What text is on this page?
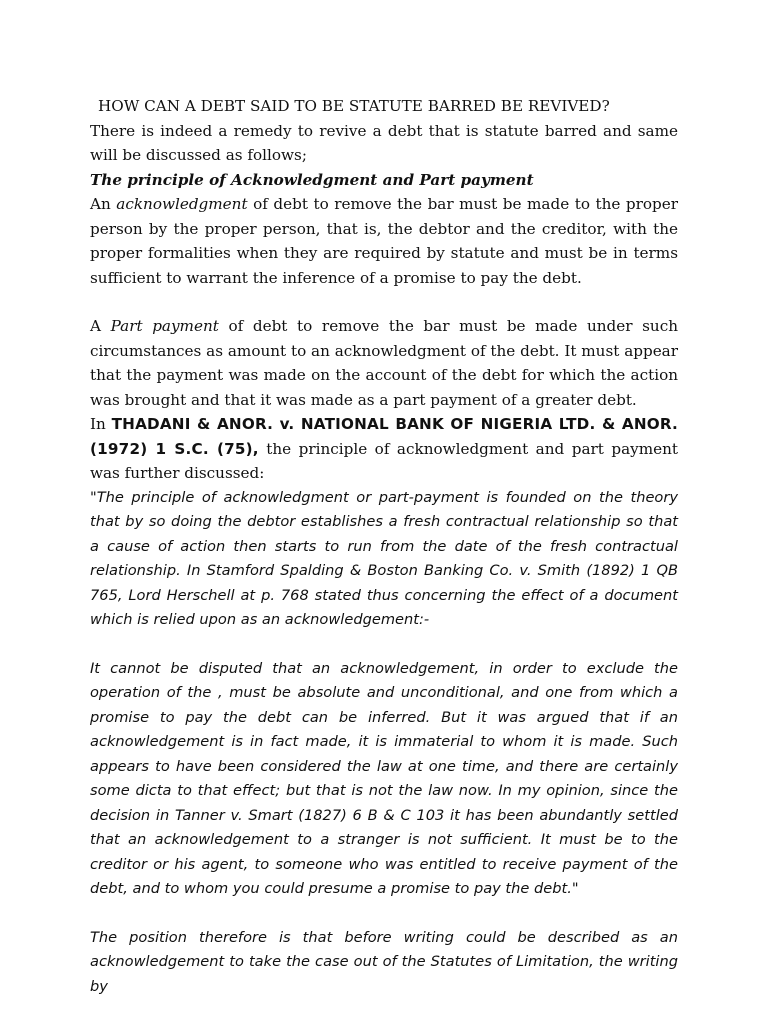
HOW CAN A DEBT SAID TO BE STATUTE BARRED BE REVIVED?

There is indeed a remedy to revive a debt that is statute barred and same will be discussed as follows;

The principle of Acknowledgment and Part payment

An acknowledgment of debt to remove the bar must be made to the proper person by the proper person, that is, the debtor and the creditor, with the proper formalities when they are required by statute and must be in terms sufficient to warrant the inference of a promise to pay the debt.

A Part payment of debt to remove the bar must be made under such circumstances as amount to an acknowledgment of the debt. It must appear that the payment was made on the account of the debt for which the action was brought and that it was made as a part payment of a greater debt.

In THADANI & ANOR. v. NATIONAL BANK OF NIGERIA LTD. & ANOR. (1972) 1 S.C. (75), the principle of acknowledgment and part payment was further discussed:

"The principle of acknowledgment or part-payment is founded on the theory that by so doing the debtor establishes a fresh contractual relationship so that a cause of action then starts to run from the date of the fresh contractual relationship. In Stamford Spalding & Boston Banking Co. v. Smith (1892) 1 QB 765, Lord Herschell at p. 768 stated thus concerning the effect of a document which is relied upon as an acknowledgement:-

It cannot be disputed that an acknowledgement, in order to exclude the operation of the , must be absolute and unconditional, and one from which a promise to pay the debt can be inferred. But it was argued that if an acknowledgement is in fact made, it is immaterial to whom it is made. Such appears to have been considered the law at one time, and there are certainly some dicta to that effect; but that is not the law now. In my opinion, since the decision in Tanner v. Smart (1827) 6 B & C 103 it has been abundantly settled that an acknowledgement to a stranger is not sufficient. It must be to the creditor or his agent, to someone who was entitled to receive payment of the debt, and to whom you could presume a promise to pay the debt."

The position therefore is that before writing could be described as an acknowledgement to take the case out of the Statutes of Limitation, the writing by
